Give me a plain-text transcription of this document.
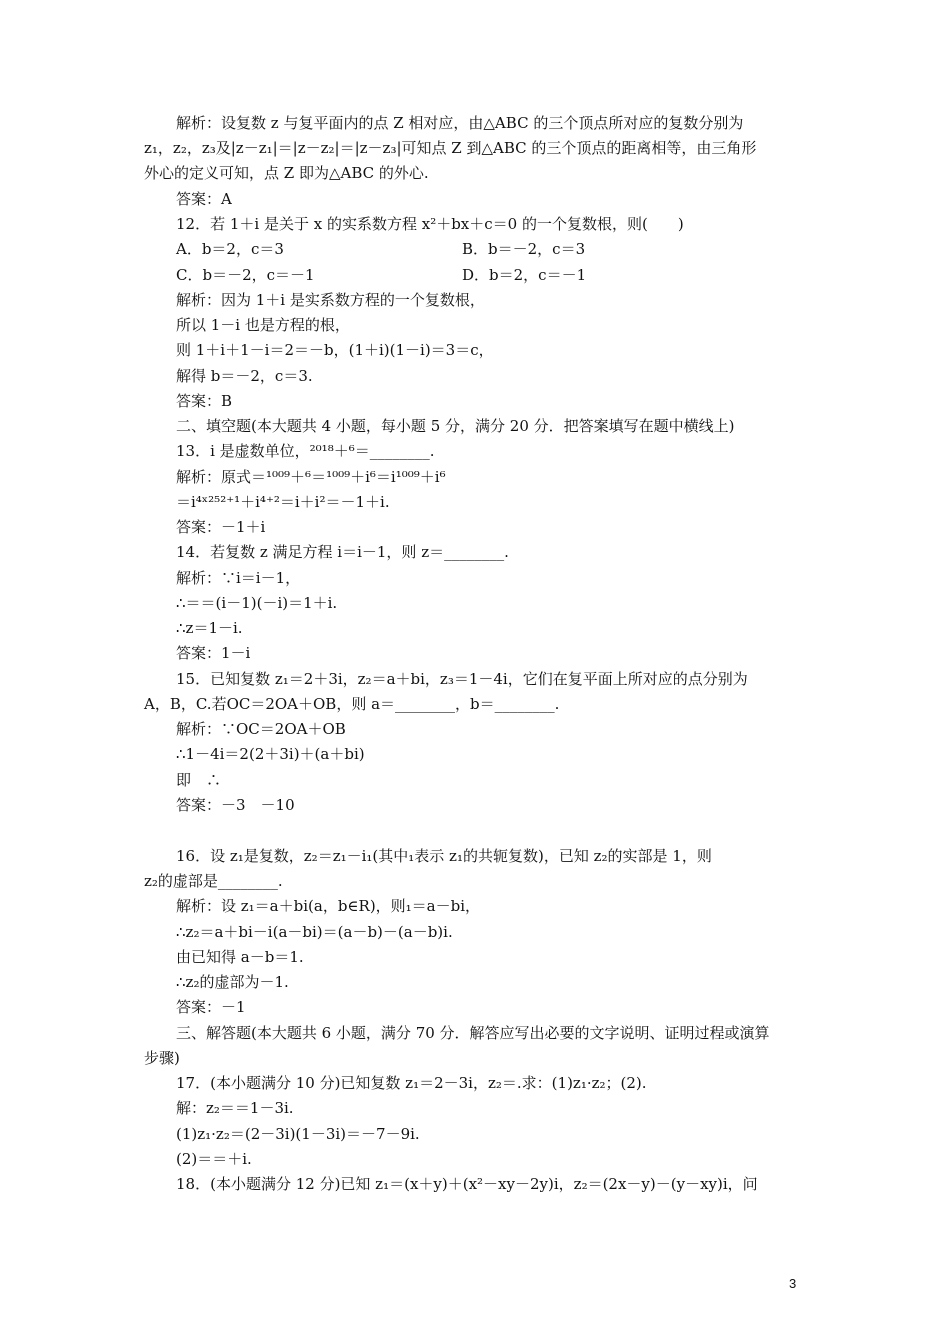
解析：设复数 z 与复平面内的点 Z 相对应，由△ABC 的三个顶点所对应的复数分别为
z₁，z₂，z₃及|z－z₁|＝|z－z₂|＝|z－z₃|可知点 Z 到△ABC 的三个顶点的距离相等，由三角形
外心的定义可知，点 Z 即为△ABC 的外心.
答案：A
12．若 1＋i 是关于 x 的实系数方程 x²＋bx＋c＝0 的一个复数根，则(　　)
A．b＝2，c＝3	B．b＝－2，c＝3
C．b＝－2，c＝－1	D．b＝2，c＝－1
解析：因为 1＋i 是实系数方程的一个复数根，
所以 1－i 也是方程的根，
则 1＋i＋1－i＝2＝－b，(1＋i)(1－i)＝3＝c，
解得 b＝－2，c＝3.
答案：B
二、填空题(本大题共 4 小题，每小题 5 分，满分 20 分．把答案填写在题中横线上)
13．i 是虚数单位，²⁰¹⁸＋⁶＝________.
解析：原式＝¹⁰⁰⁹＋⁶＝¹⁰⁰⁹＋i⁶＝i¹⁰⁰⁹＋i⁶
＝i⁴ˣ²⁵²⁺¹＋i⁴⁺²＝i＋i²＝－1＋i.
答案：－1＋i
14．若复数 z 满足方程 i＝i－1，则 z＝________.
解析：∵i＝i－1，
∴＝＝(i－1)(－i)＝1＋i.
∴z＝1－i.
答案：1－i
15．已知复数 z₁＝2＋3i，z₂＝a＋bi，z₃＝1－4i，它们在复平面上所对应的点分别为
A，B，C.若OC＝2OA＋OB，则 a＝________，b＝________.
解析：∵OC＝2OA＋OB
∴1－4i＝2(2＋3i)＋(a＋bi)
即　∴
答案：－3　－10
16．设 z₁是复数，z₂＝z₁－i₁(其中₁表示 z₁的共轭复数)，已知 z₂的实部是 1，则
z₂的虚部是________.
解析：设 z₁＝a＋bi(a，b∈R)，则₁＝a－bi，
∴z₂＝a＋bi－i(a－bi)＝(a－b)－(a－b)i.
由已知得 a－b＝1.
∴z₂的虚部为－1.
答案：－1
三、解答题(本大题共 6 小题，满分 70 分．解答应写出必要的文字说明、证明过程或演算
步骤)
17．(本小题满分 10 分)已知复数 z₁＝2－3i，z₂＝.求：(1)z₁·z₂；(2).
解：z₂＝＝1－3i.
(1)z₁·z₂＝(2－3i)(1－3i)＝－7－9i.
(2)＝＝＋i.
18．(本小题满分 12 分)已知 z₁＝(x＋y)＋(x²－xy－2y)i，z₂＝(2x－y)－(y－xy)i，问
3
